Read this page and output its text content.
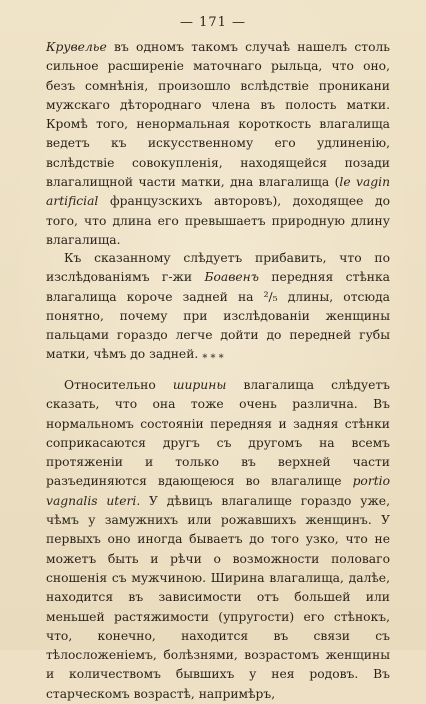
— 171 —

Крувелье въ одномъ такомъ случаѣ нашелъ столь сильное расширеніе маточнаго рыльца, что оно, безъ сомнѣнія, произошло вслѣдствіе проникани мужскаго дѣтороднаго члена въ полость матки. Кромѣ того, ненормальная короткость влагалища ведетъ къ искусственному его удлиненію, вслѣдствіе совокупленія, находящейся позади влагалищной части матки, дна влагалища (le vagin artificial французскихъ авторовъ), доходящее до того, что длина его превышаетъ природную длину влагалища.

Къ сказанному слѣдуетъ прибавить, что по изслѣдованіямъ г-жи Боавенъ передняя стѣнка влагалища короче задней на ²/₅ длины, отсюда понятно, почему при изслѣдованіи женщины пальцами гораздо легче дойти до передней губы матки, чѣмъ до задней. * * *

Относительно ширины влагалища слѣдуетъ сказать, что она тоже очень различна. Въ нормальномъ состояніи передняя и задняя стѣнки соприкасаются другъ съ другомъ на всемъ протяженіи и только въ верхней части разъединяются вдающеюся во влагалище portio vagnalis uteri. У дѣвицъ влагалище гораздо уже, чѣмъ у замужнихъ или рожавшихъ женщинъ. У первыхъ оно иногда бываетъ до того узко, что не можетъ быть и рѣчи о возможности половаго сношенія съ мужчиною. Ширина влагалища, далѣе, находится въ зависимости отъ большей или меньшей растяжимости (упругости) его стѣнокъ, что, конечно, находится въ связи съ тѣлосложеніемъ, болѣзнями, возрастомъ женщины и количествомъ бывшихъ у нея родовъ. Въ старческомъ возрастѣ, напримѣръ,
